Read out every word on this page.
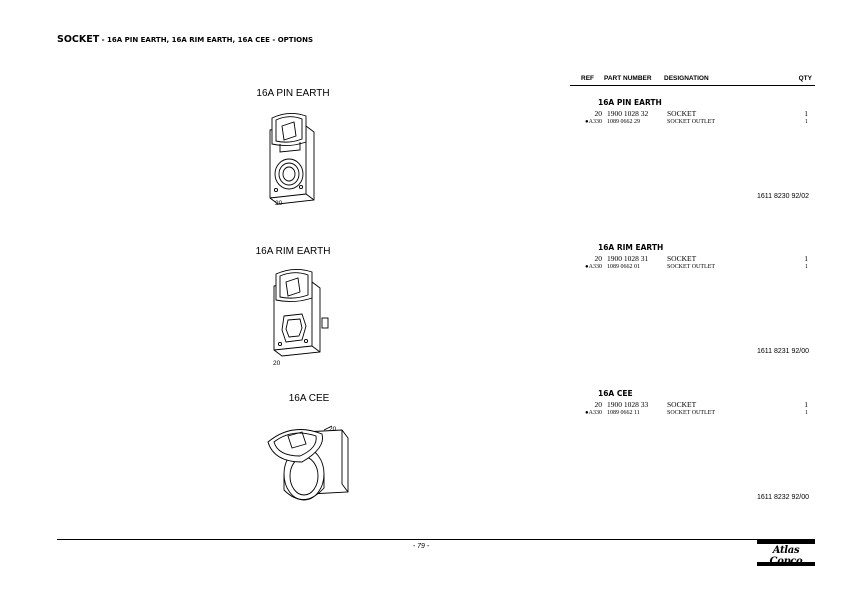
SOCKET - 16A PIN EARTH, 16A RIM EARTH, 16A CEE - OPTIONS
16A PIN EARTH
20
16A RIM EARTH
20
16A CEE
20
REF PART NUMBER DESIGNATION	QTY
16A PIN EARTH
20 1900 1028 32	SOCKET	1
●A330 1089 0662 29	SOCKET OUTLET	1
1611 8230 92/02
16A RIM EARTH
20 1900 1028 31	SOCKET	1
●A330 1089 0662 01	SOCKET OUTLET	1
1611 8231 92/00
16A CEE
20 1900 1028 33	SOCKET	1
●A330 1089 0662 11	SOCKET OUTLET	1
1611 8232 92/00
- 79 -	Atlas
